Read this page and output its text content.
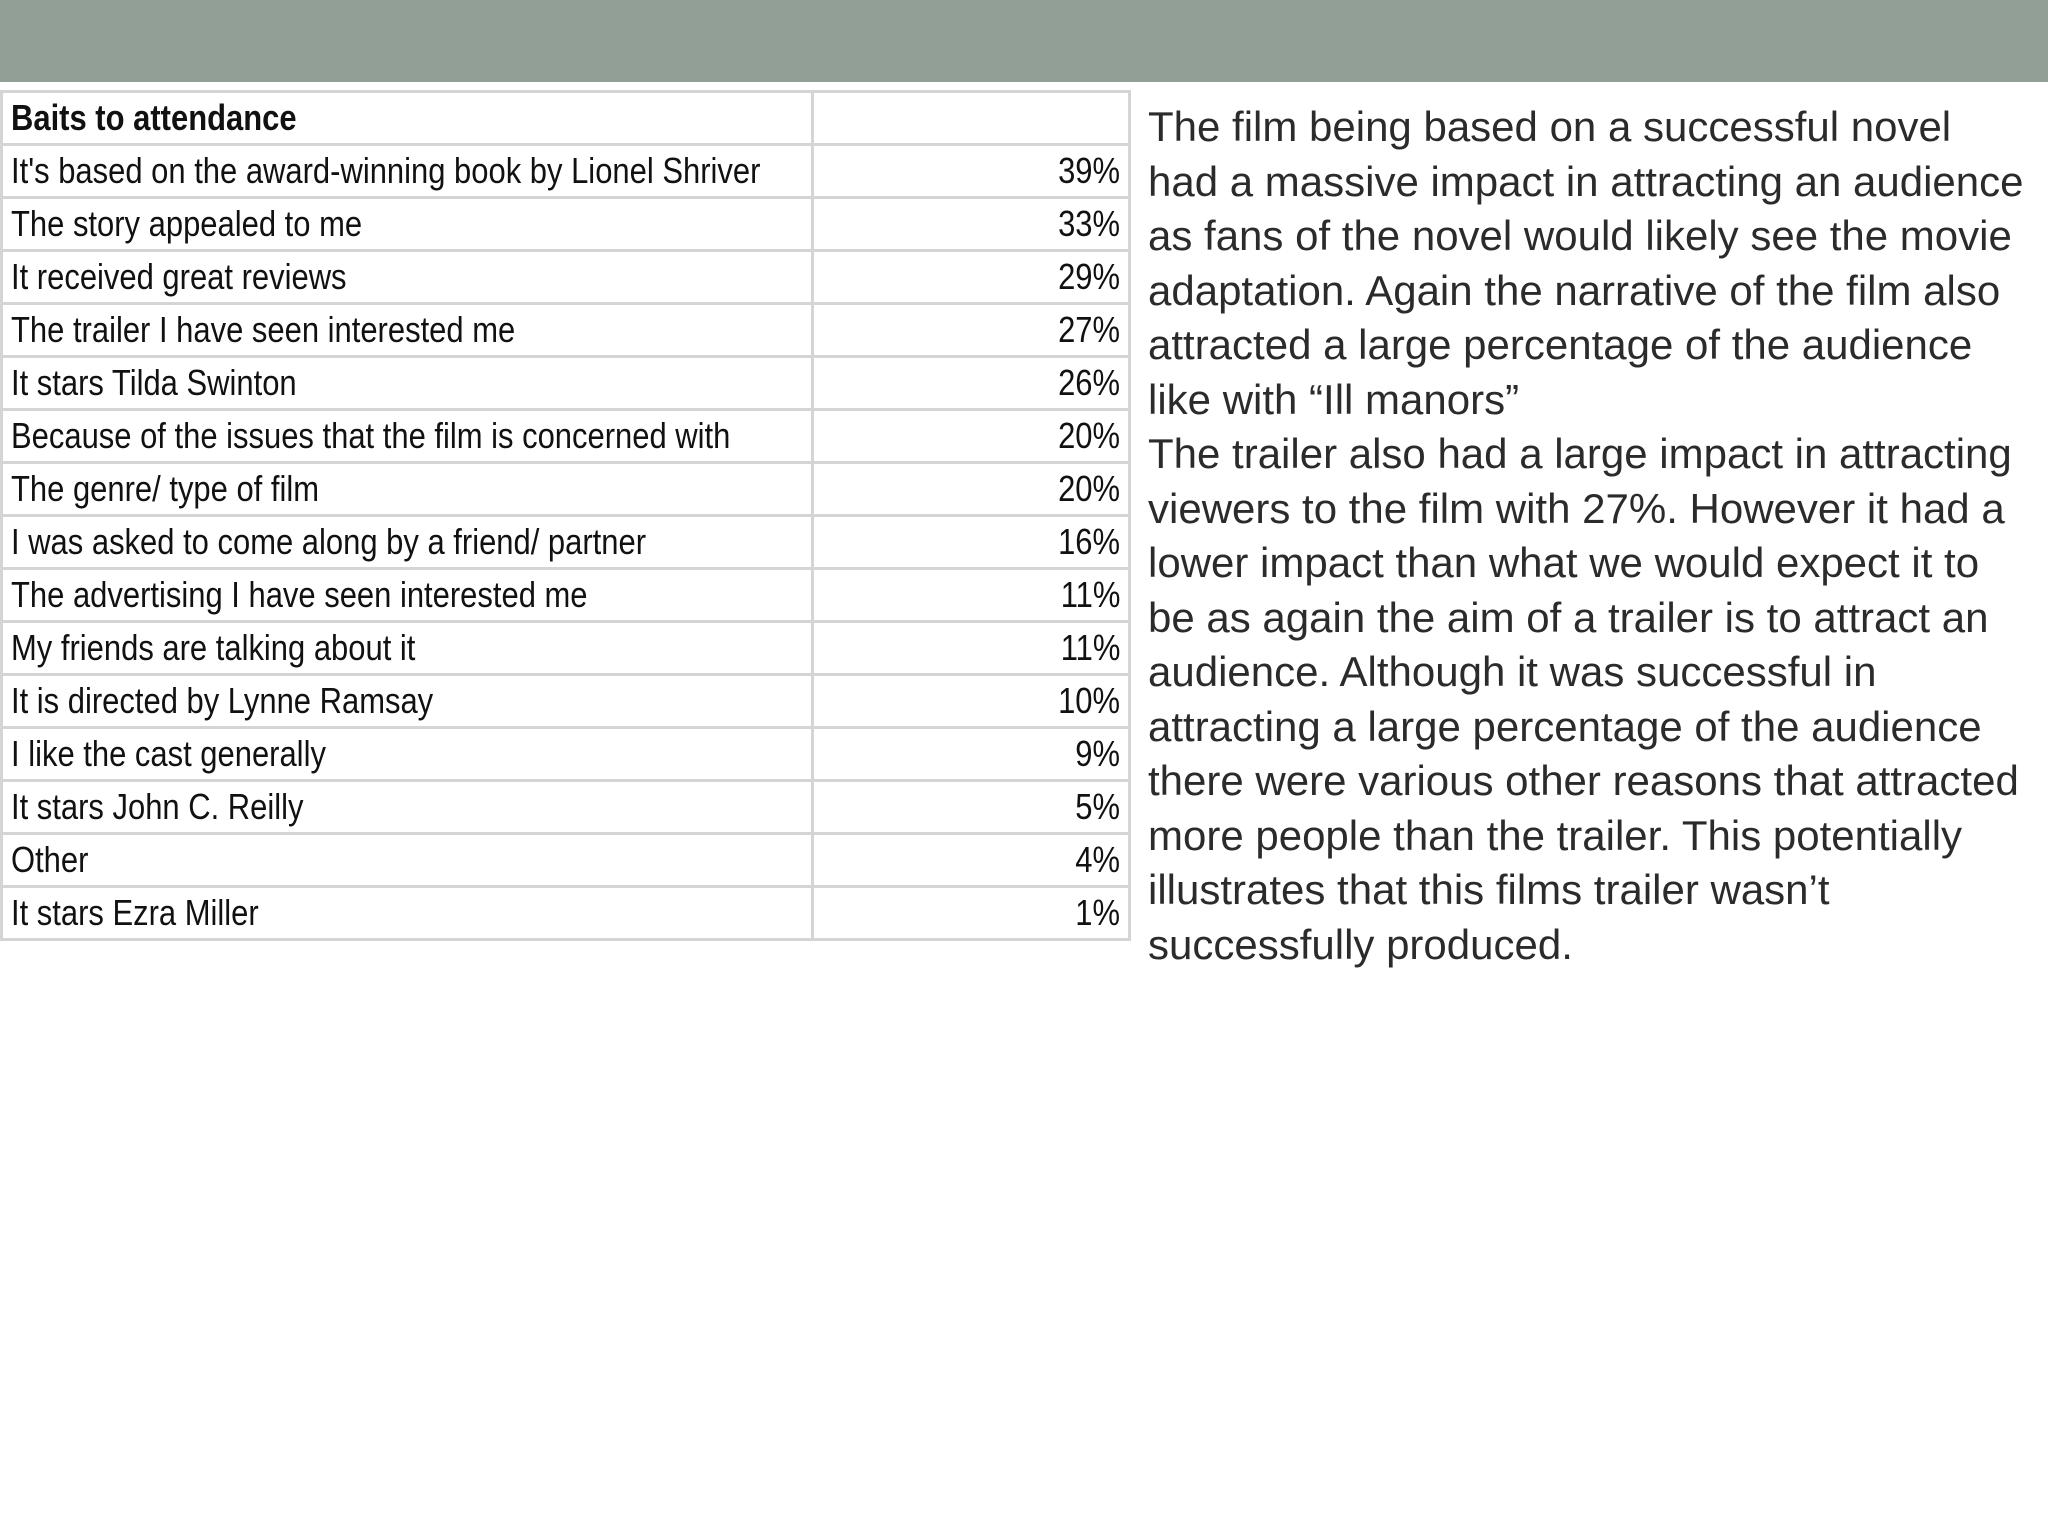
Baits to attendance	
It's based on the award-winning book by Lionel Shriver	39%
The story appealed to me	33%
It received great reviews	29%
The trailer I have seen interested me	27%
It stars Tilda Swinton	26%
Because of the issues that the film is concerned with	20%
The genre/ type of film	20%
I was asked to come along by a friend/ partner	16%
The advertising I have seen interested me	11%
My friends are talking about it	11%
It is directed by Lynne Ramsay	10%
I like the cast generally	9%
It stars John C. Reilly	5%
Other	4%
It stars Ezra Miller	1%

The film being based on a successful novel had a massive impact in attracting an audience as fans of the novel would likely see the movie adaptation. Again the narrative of the film also attracted a large percentage of the audience like with “Ill manors”

The trailer also had a large impact in attracting viewers to the film with 27%. However it had a lower impact than what we would expect it to be as again the aim of a trailer is to attract an audience. Although it was successful in attracting a large percentage of the audience there were various other reasons that attracted more people than the trailer. This potentially illustrates that this films trailer wasn’t successfully produced.
